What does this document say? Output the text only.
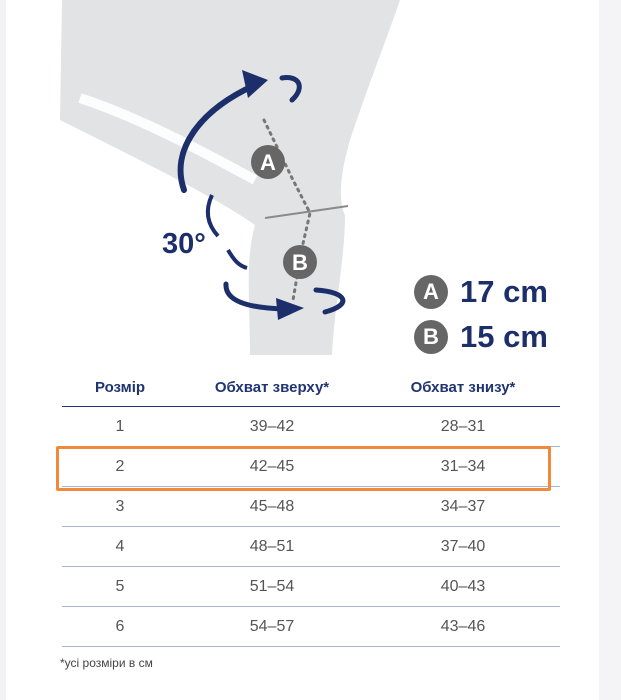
A
B
30°
A 17 cm
B 15 cm
Розмір	Обхват зверху*	Обхват знизу*
1	39–42	28–31
2	42–45	31–34
3	45–48	34–37
4	48–51	37–40
5	51–54	40–43
6	54–57	43–46
*усі розміри в см
